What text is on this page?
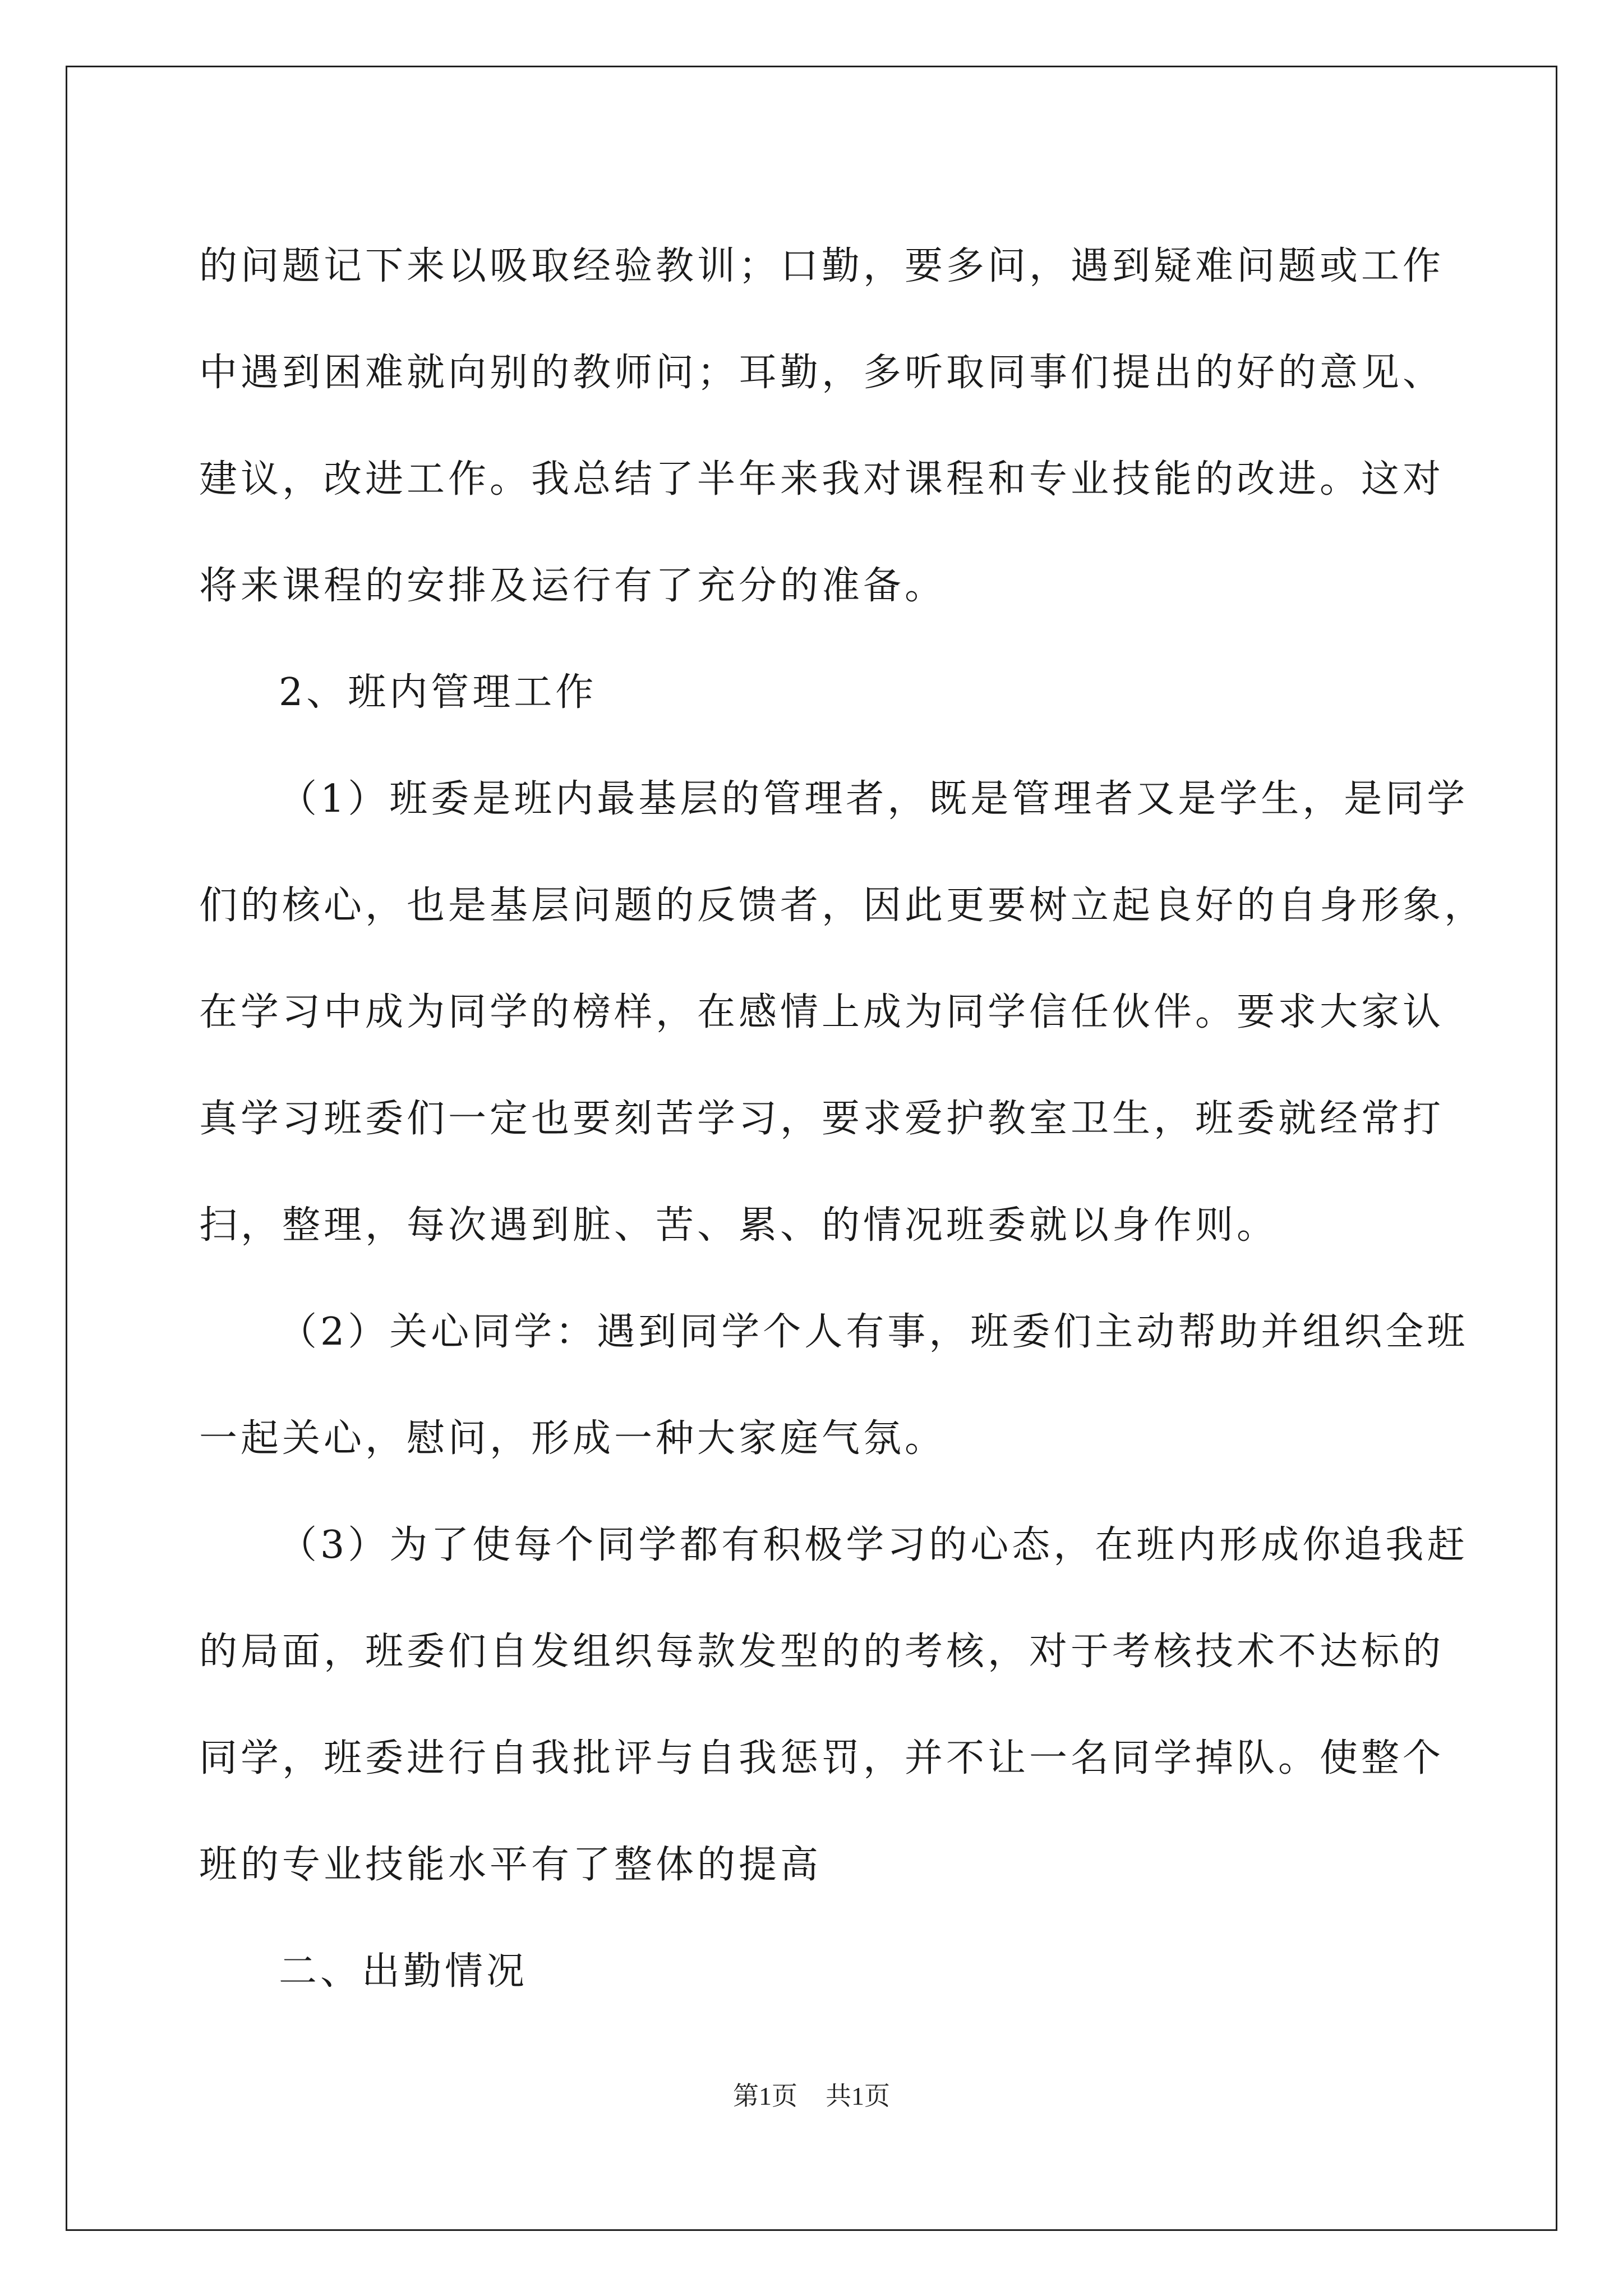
的问题记下来以吸取经验教训；口勤，要多问，遇到疑难问题或工作
中遇到困难就向别的教师问；耳勤，多听取同事们提出的好的意见、
建议，改进工作。我总结了半年来我对课程和专业技能的改进。这对
将来课程的安排及运行有了充分的准备。
2、班内管理工作
（1）班委是班内最基层的管理者，既是管理者又是学生，是同学
们的核心，也是基层问题的反馈者，因此更要树立起良好的自身形象，
在学习中成为同学的榜样，在感情上成为同学信任伙伴。要求大家认
真学习班委们一定也要刻苦学习，要求爱护教室卫生，班委就经常打
扫，整理，每次遇到脏、苦、累、的情况班委就以身作则。
（2）关心同学：遇到同学个人有事，班委们主动帮助并组织全班
一起关心，慰问，形成一种大家庭气氛。
（3）为了使每个同学都有积极学习的心态，在班内形成你追我赶
的局面，班委们自发组织每款发型的的考核，对于考核技术不达标的
同学，班委进行自我批评与自我惩罚，并不让一名同学掉队。使整个
班的专业技能水平有了整体的提高
二、出勤情况
第1页 共1页
